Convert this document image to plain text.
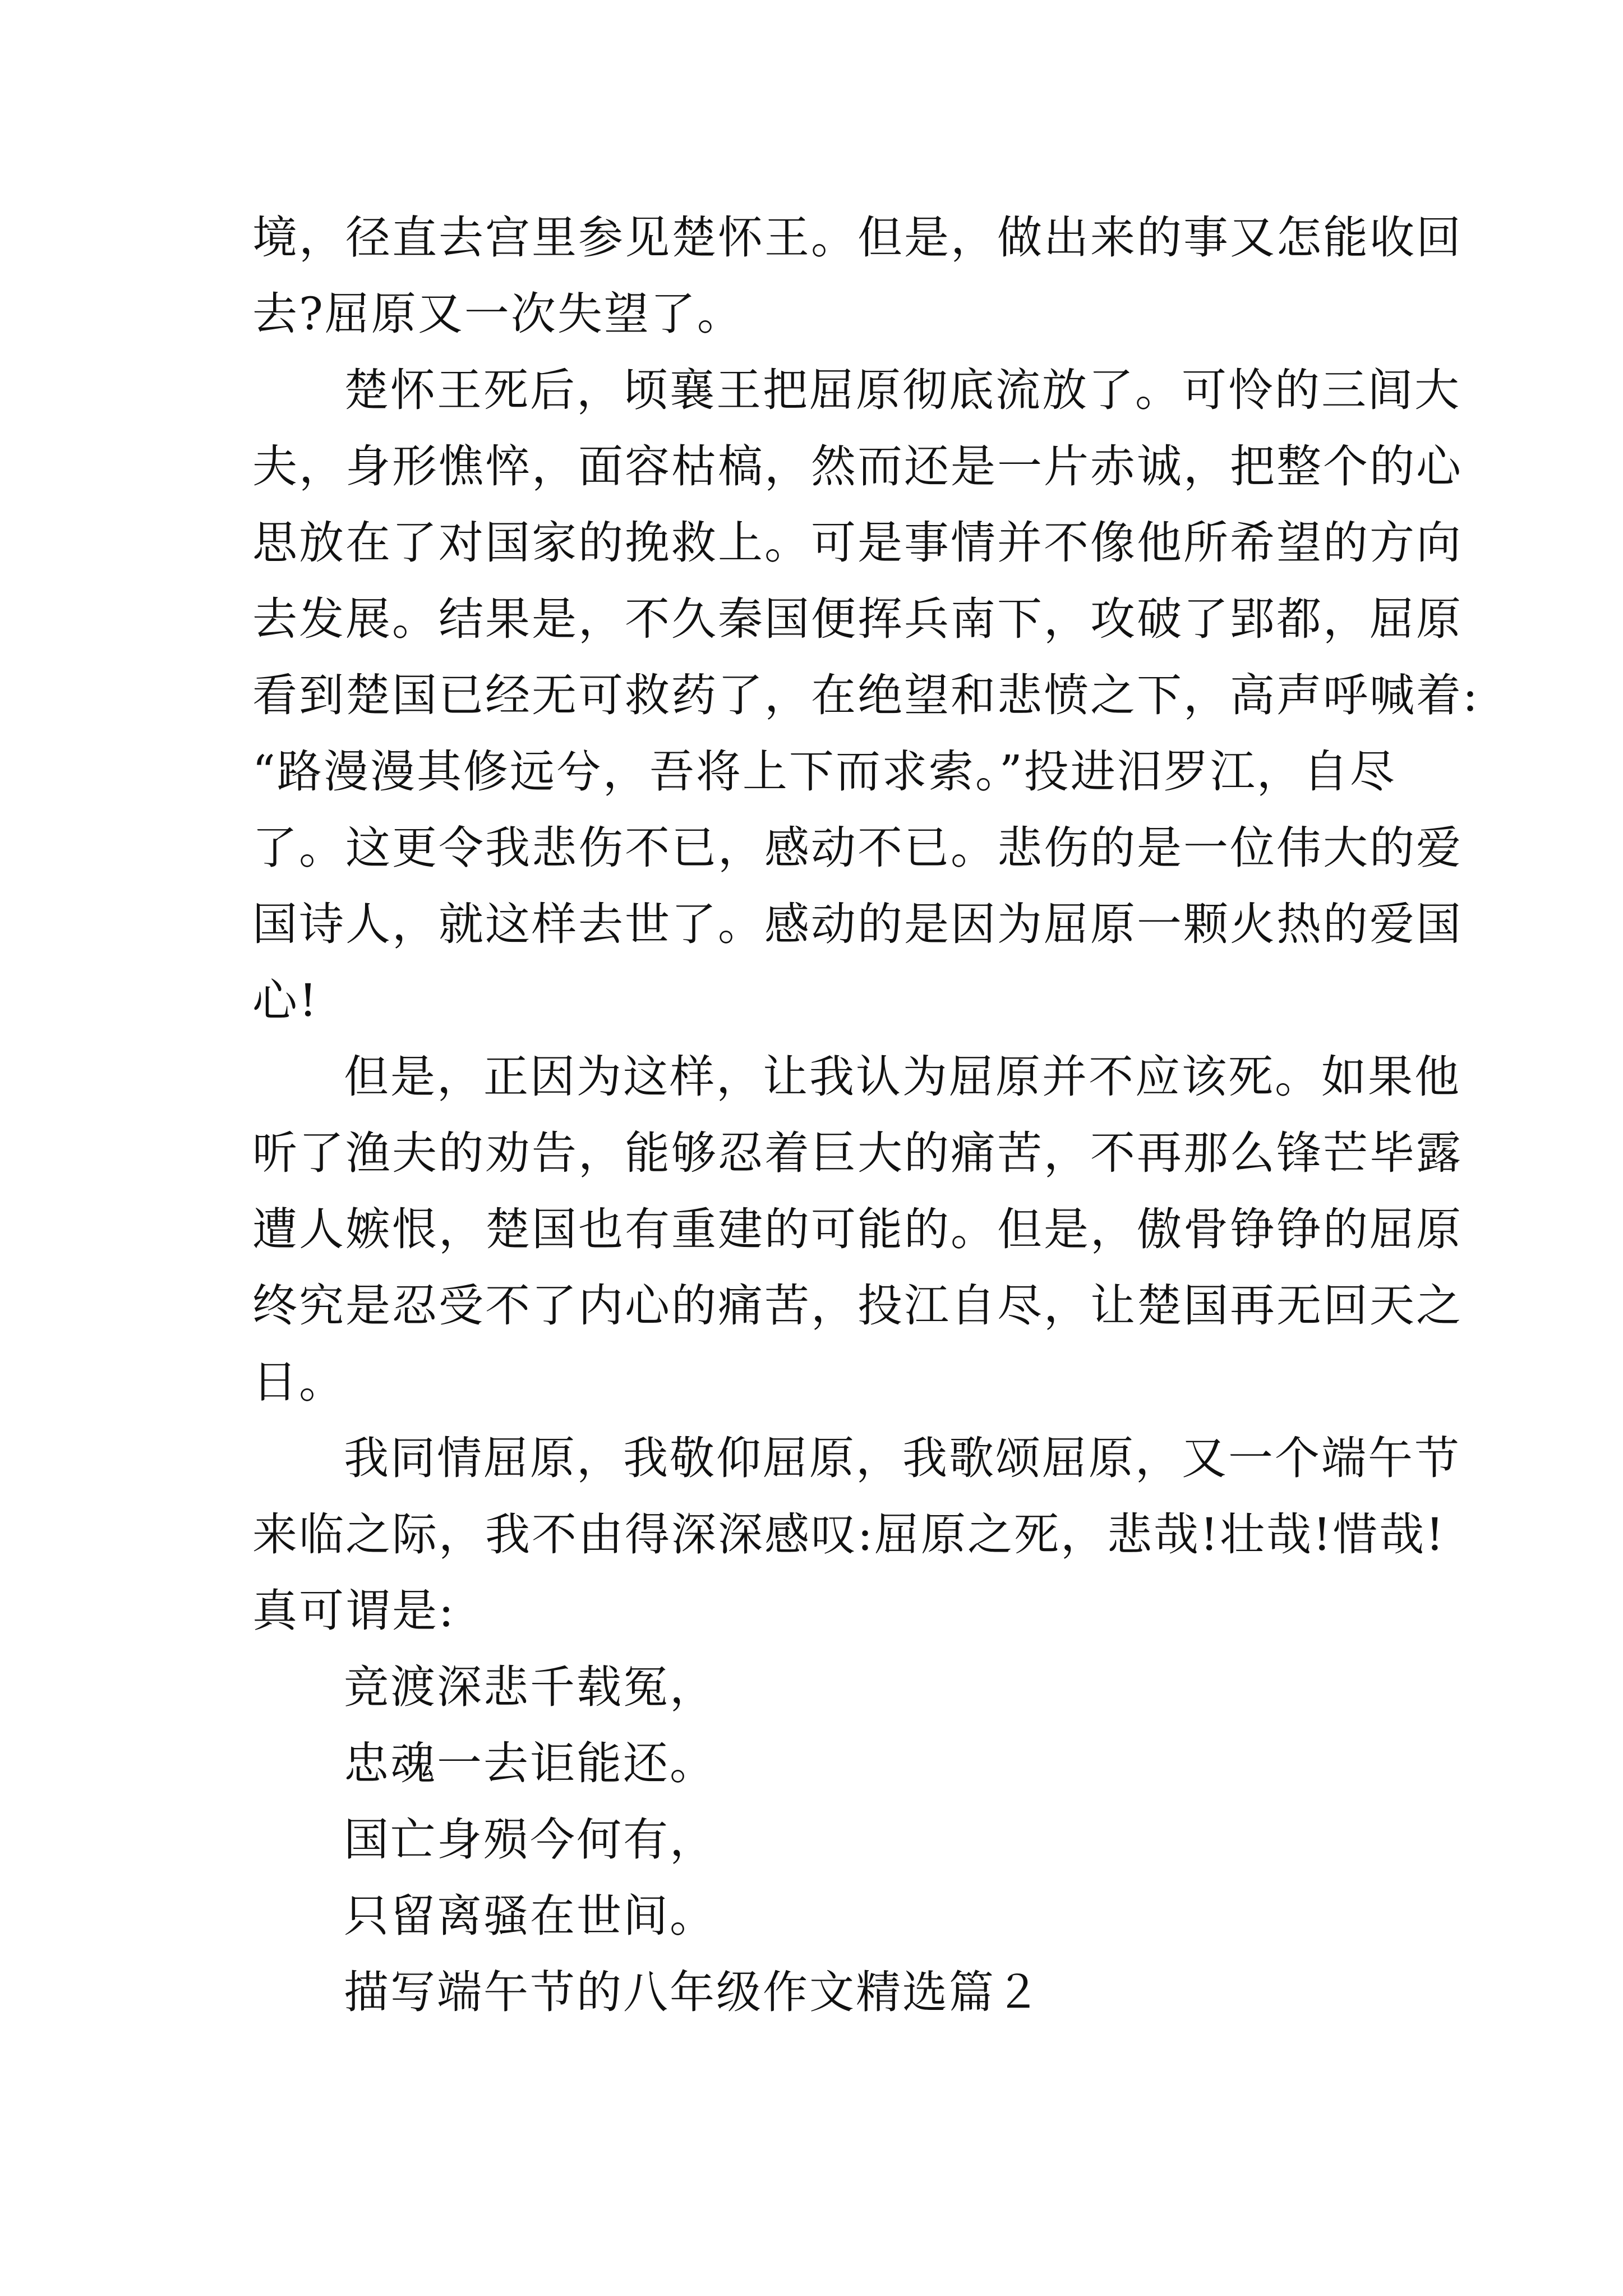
境，径直去宫里参见楚怀王。但是，做出来的事又怎能收回
去?屈原又一次失望了。
楚怀王死后，顷襄王把屈原彻底流放了。可怜的三闾大
夫，身形憔悴，面容枯槁，然而还是一片赤诚，把整个的心
思放在了对国家的挽救上。可是事情并不像他所希望的方向
去发展。结果是，不久秦国便挥兵南下，攻破了郢都，屈原
看到楚国已经无可救药了，在绝望和悲愤之下，高声呼喊着:
“路漫漫其修远兮，吾将上下而求索。”投进汨罗江，自尽
了。这更令我悲伤不已，感动不已。悲伤的是一位伟大的爱
国诗人，就这样去世了。感动的是因为屈原一颗火热的爱国
心!
但是，正因为这样，让我认为屈原并不应该死。如果他
听了渔夫的劝告，能够忍着巨大的痛苦，不再那么锋芒毕露
遭人嫉恨，楚国也有重建的可能的。但是，傲骨铮铮的屈原
终究是忍受不了内心的痛苦，投江自尽，让楚国再无回天之
日。
我同情屈原，我敬仰屈原，我歌颂屈原，又一个端午节
来临之际，我不由得深深感叹:屈原之死，悲哉!壮哉!惜哉!
真可谓是:
竞渡深悲千载冤，
忠魂一去讵能还。
国亡身殒今何有，
只留离骚在世间。
描写端午节的八年级作文精选篇２
